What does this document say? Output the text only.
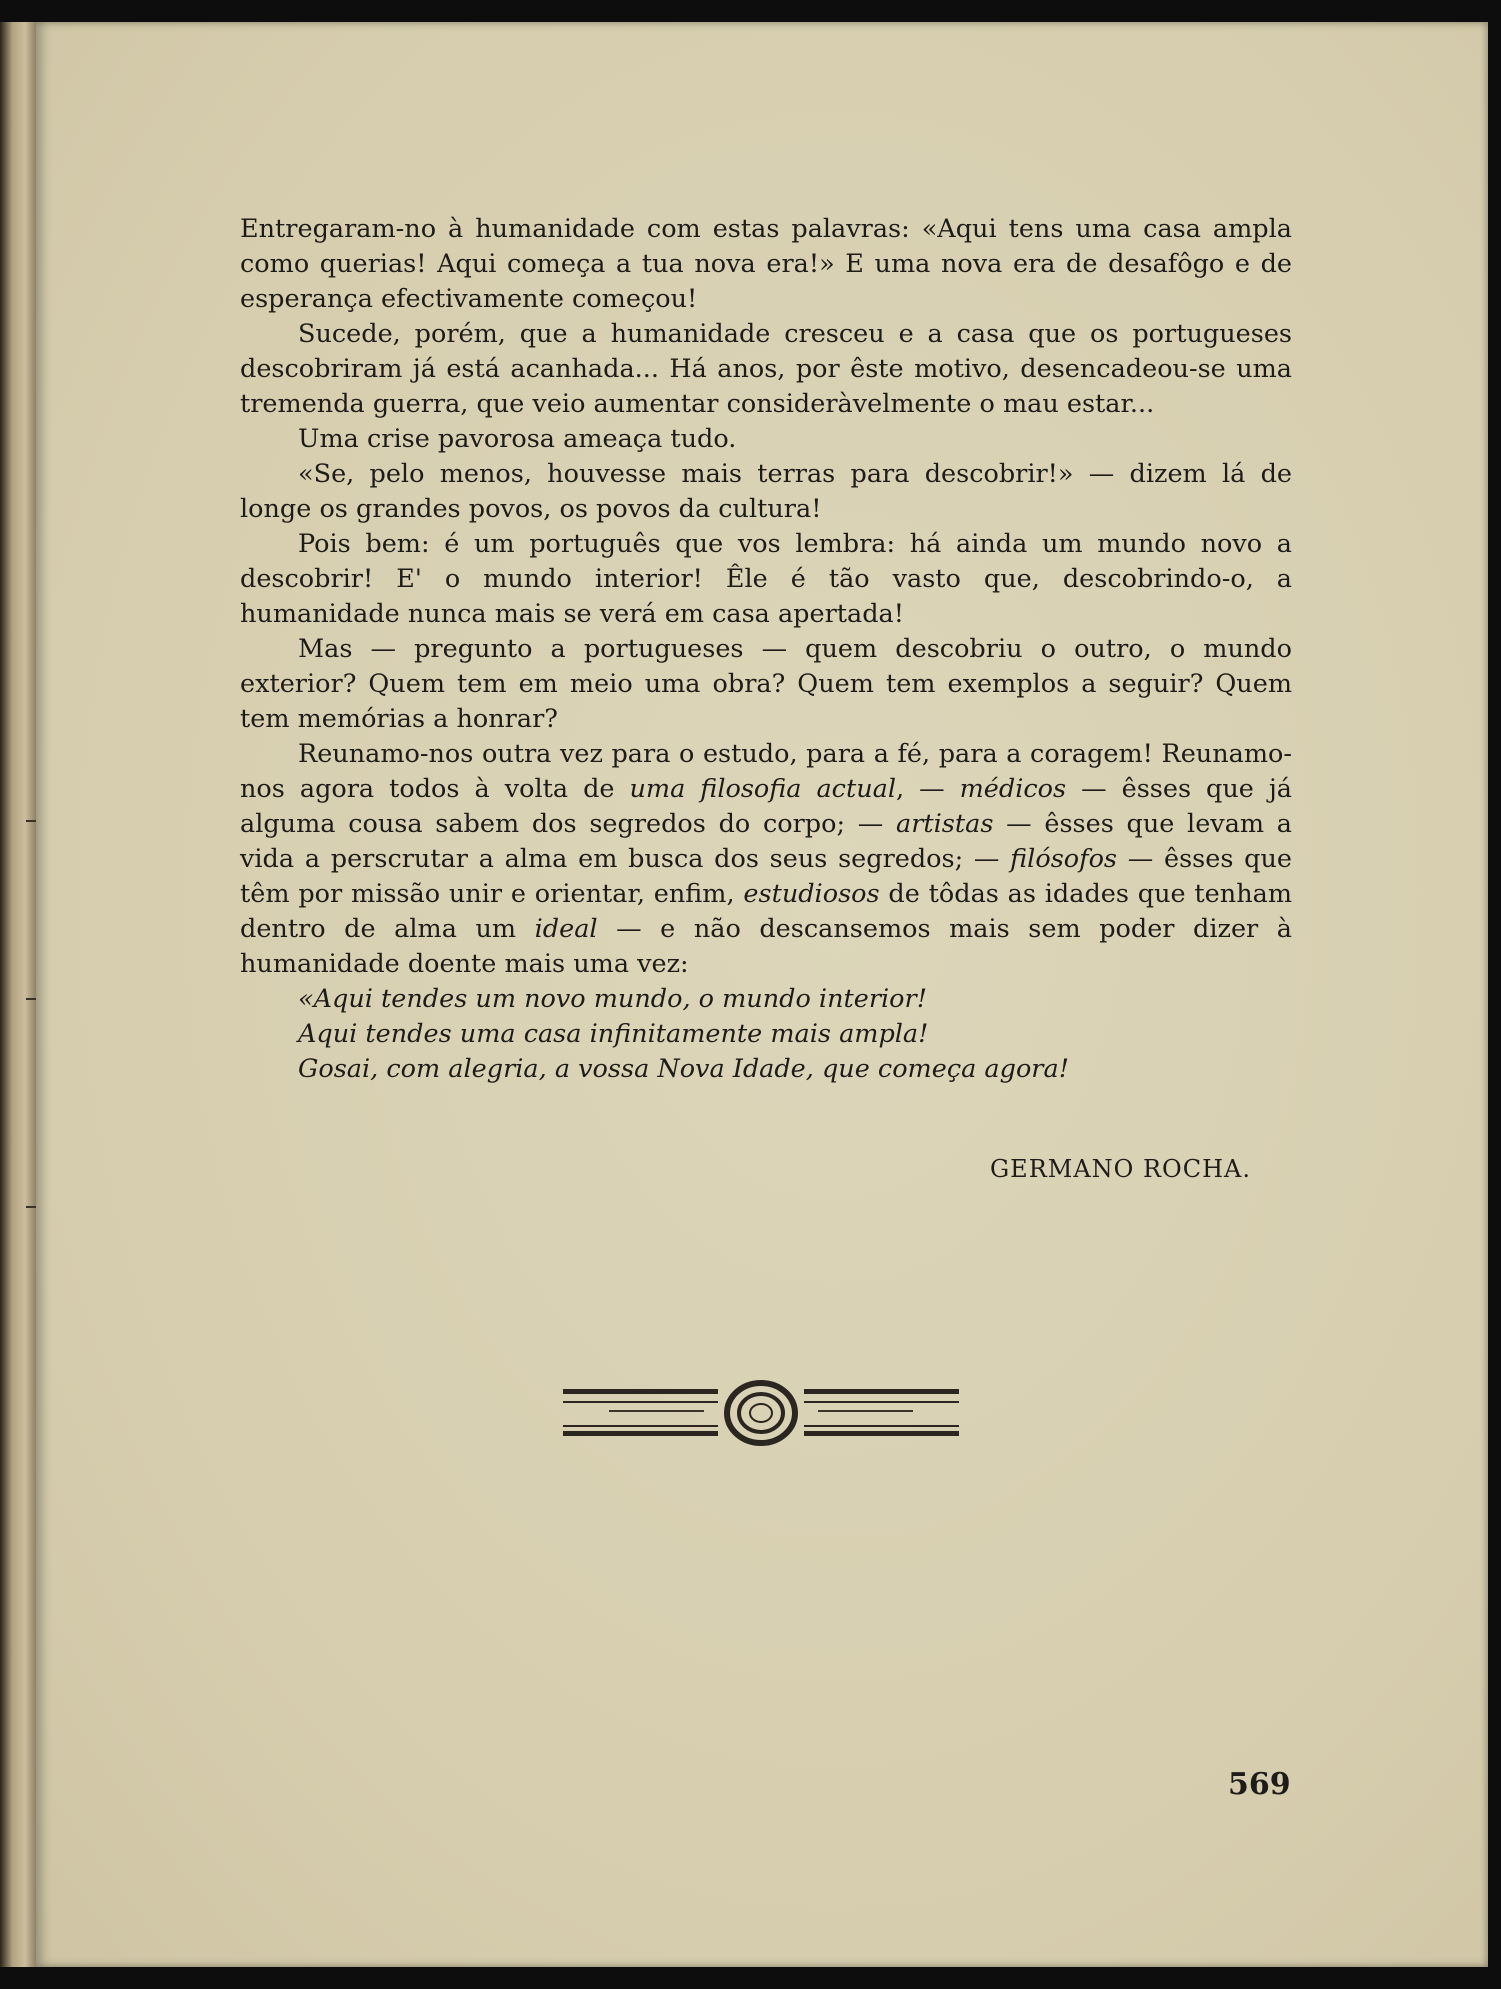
Entregaram-no à humanidade com estas palavras: «Aqui tens uma casa ampla como querias! Aqui começa a tua nova era!» E uma nova era de desafôgo e de esperança efectivamente começou!

Sucede, porém, que a humanidade cresceu e a casa que os portugueses descobriram já está acanhada... Há anos, por êste motivo, desencadeou-se uma tremenda guerra, que veio aumentar consideràvelmente o mau estar...

Uma crise pavorosa ameaça tudo.

«Se, pelo menos, houvesse mais terras para descobrir!» — dizem lá de longe os grandes povos, os povos da cultura!

Pois bem: é um português que vos lembra: há ainda um mundo novo a descobrir! E' o mundo interior! Êle é tão vasto que, descobrindo-o, a humanidade nunca mais se verá em casa apertada!

Mas — pregunto a portugueses — quem descobriu o outro, o mundo exterior? Quem tem em meio uma obra? Quem tem exemplos a seguir? Quem tem memórias a honrar?

Reunamo-nos outra vez para o estudo, para a fé, para a coragem! Reunamo-nos agora todos à volta de uma filosofia actual, — médicos — êsses que já alguma cousa sabem dos segredos do corpo; — artistas — êsses que levam a vida a perscrutar a alma em busca dos seus segredos; — filósofos — êsses que têm por missão unir e orientar, enfim, estudiosos de tôdas as idades que tenham dentro de alma um ideal — e não descansemos mais sem poder dizer à humanidade doente mais uma vez:

«Aqui tendes um novo mundo, o mundo interior!

Aqui tendes uma casa infinitamente mais ampla!

Gosai, com alegria, a vossa Nova Idade, que começa agora!

GERMANO ROCHA.
569
